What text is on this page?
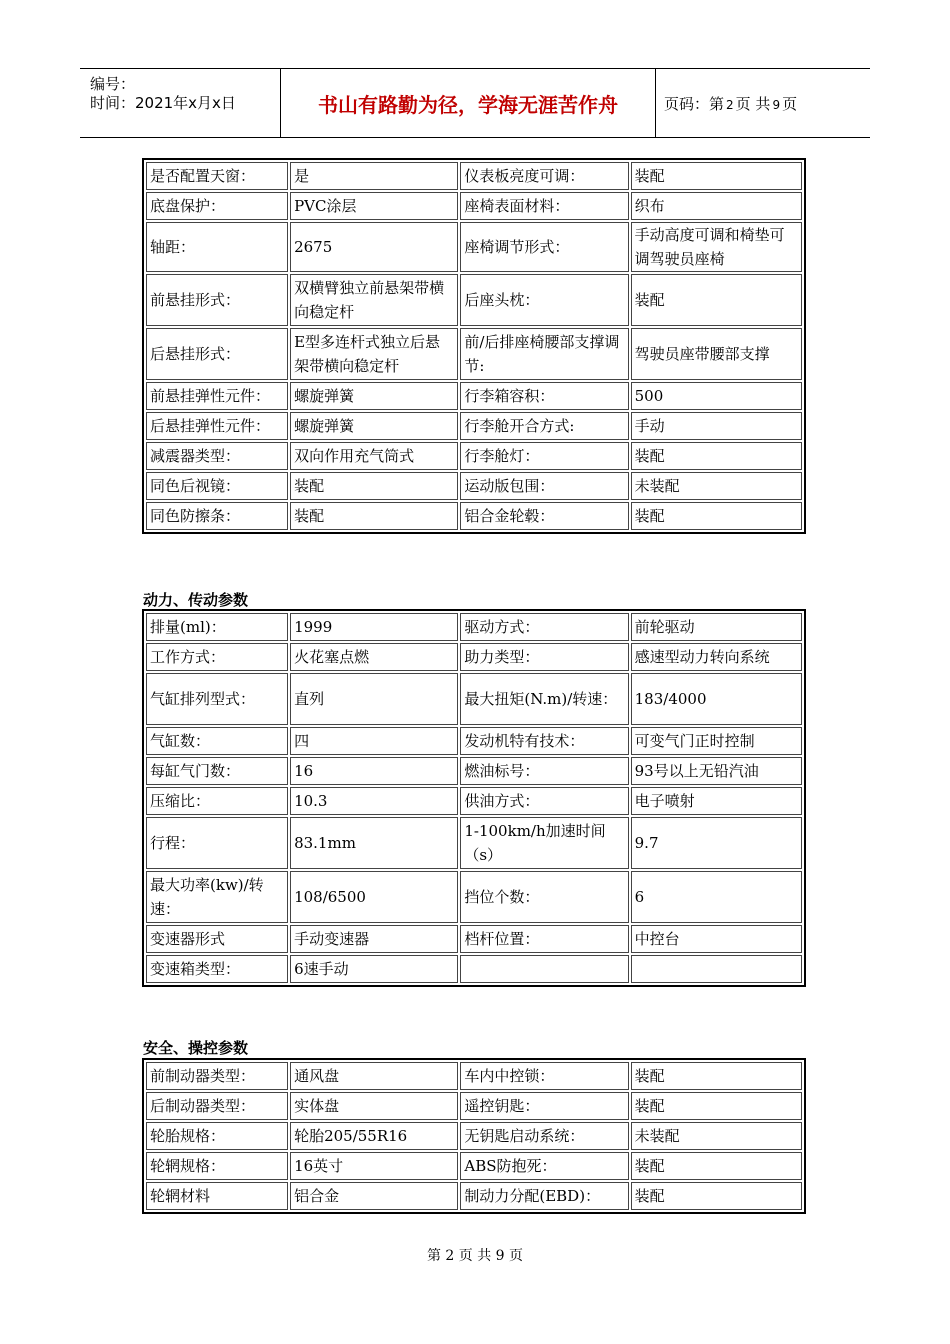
编号：
时间：2021年x月x日	书山有路勤为径，学海无涯苦作舟	页码：第 2 页 共 9 页
是否配置天窗：	是	仪表板亮度可调：	装配
底盘保护：	PVC涂层	座椅表面材料：	织布
轴距：	2675	座椅调节形式：	手动高度可调和椅垫可调驾驶员座椅
前悬挂形式：	双横臂独立前悬架带横向稳定杆	后座头枕：	装配
后悬挂形式：	E型多连杆式独立后悬架带横向稳定杆	前/后排座椅腰部支撑调节:	驾驶员座带腰部支撑
前悬挂弹性元件：	螺旋弹簧	行李箱容积：	500
后悬挂弹性元件：	螺旋弹簧	行李舱开合方式:	手动
减震器类型：	双向作用充气筒式	行李舱灯：	装配
同色后视镜：	装配	运动版包围：	未装配
同色防擦条：	装配	铝合金轮毂：	装配
动力、传动参数
排量(ml)：	1999	驱动方式：	前轮驱动
工作方式：	火花塞点燃	助力类型：	感速型动力转向系统
气缸排列型式：	直列	最大扭矩(N.m)/转速：	183/4000
气缸数：	四	发动机特有技术：	可变气门正时控制
每缸气门数：	16	燃油标号：	93号以上无铅汽油
压缩比：	10.3	供油方式：	电子喷射
行程：	83.1mm	1-100km/h加速时间（s）	9.7
最大功率(kw)/转速：	108/6500	挡位个数：	6
变速器形式	手动变速器	档杆位置：	中控台
变速箱类型：	6速手动		
安全、操控参数
前制动器类型：	通风盘	车内中控锁：	装配
后制动器类型：	实体盘	遥控钥匙：	装配
轮胎规格：	轮胎205/55R16	无钥匙启动系统：	未装配
轮辋规格：	16英寸	ABS防抱死：	装配
轮辋材料	铝合金	制动力分配(EBD)：	装配
第 2 页 共 9 页
